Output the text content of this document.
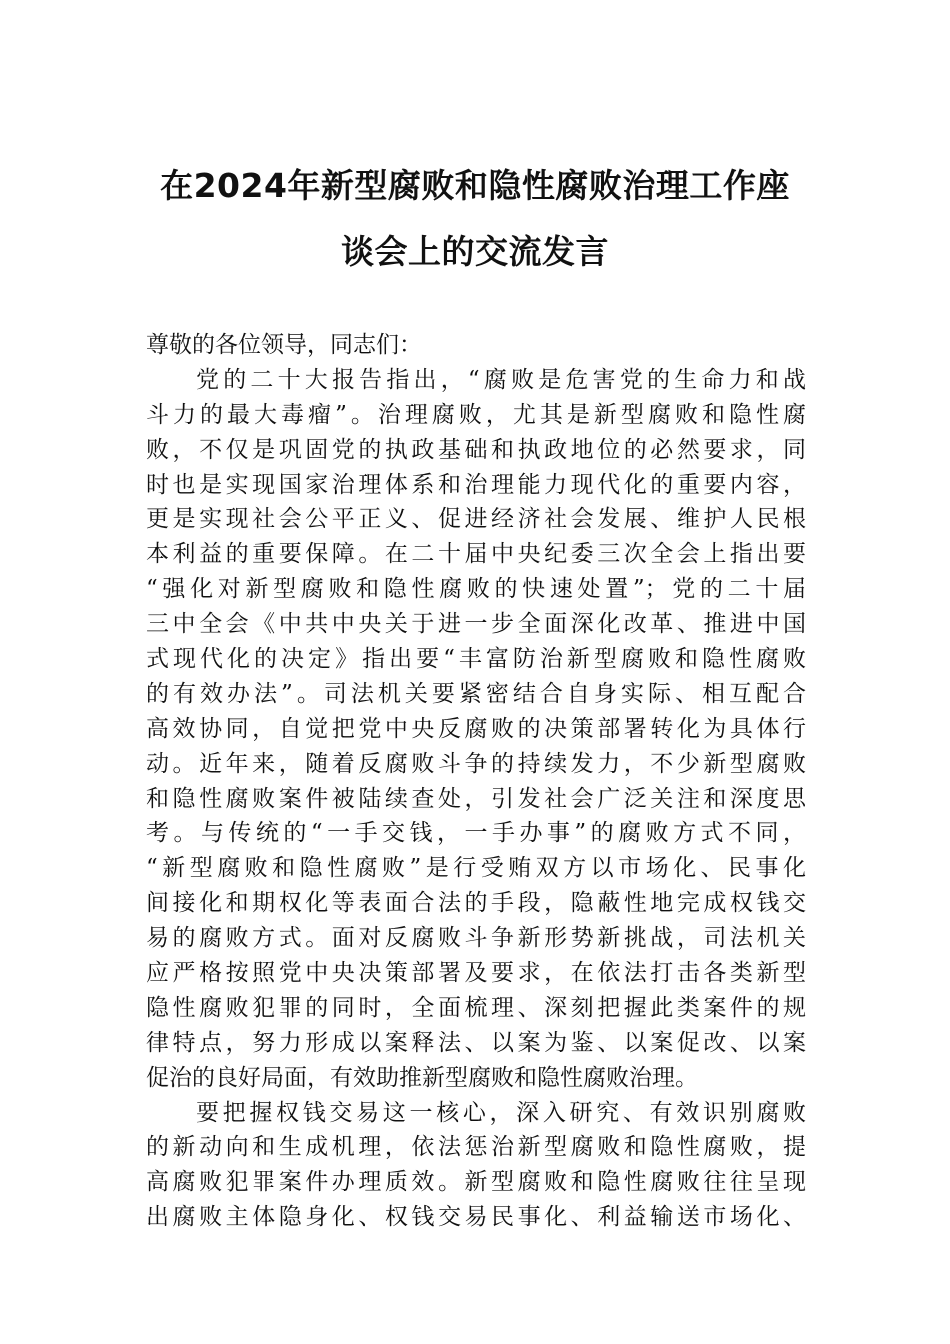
在2024年新型腐败和隐性腐败治理工作座
谈会上的交流发言
尊敬的各位领导，同志们：
党的二十大报告指出，“腐败是危害党的生命力和战
斗力的最大毒瘤”。治理腐败，尤其是新型腐败和隐性腐
败，不仅是巩固党的执政基础和执政地位的必然要求，同
时也是实现国家治理体系和治理能力现代化的重要内容，
更是实现社会公平正义、促进经济社会发展、维护人民根
本利益的重要保障。在二十届中央纪委三次全会上指出要
“强化对新型腐败和隐性腐败的快速处置”；党的二十届
三中全会《中共中央关于进一步全面深化改革、推进中国
式现代化的决定》指出要“丰富防治新型腐败和隐性腐败
的有效办法”。司法机关要紧密结合自身实际、相互配合
高效协同，自觉把党中央反腐败的决策部署转化为具体行
动。近年来，随着反腐败斗争的持续发力，不少新型腐败
和隐性腐败案件被陆续查处，引发社会广泛关注和深度思
考。与传统的“一手交钱，一手办事”的腐败方式不同，
“新型腐败和隐性腐败”是行受贿双方以市场化、民事化
间接化和期权化等表面合法的手段，隐蔽性地完成权钱交
易的腐败方式。面对反腐败斗争新形势新挑战，司法机关
应严格按照党中央决策部署及要求，在依法打击各类新型
隐性腐败犯罪的同时，全面梳理、深刻把握此类案件的规
律特点，努力形成以案释法、以案为鉴、以案促改、以案
促治的良好局面，有效助推新型腐败和隐性腐败治理。
要把握权钱交易这一核心，深入研究、有效识别腐败
的新动向和生成机理，依法惩治新型腐败和隐性腐败，提
高腐败犯罪案件办理质效。新型腐败和隐性腐败往往呈现
出腐败主体隐身化、权钱交易民事化、利益输送市场化、
